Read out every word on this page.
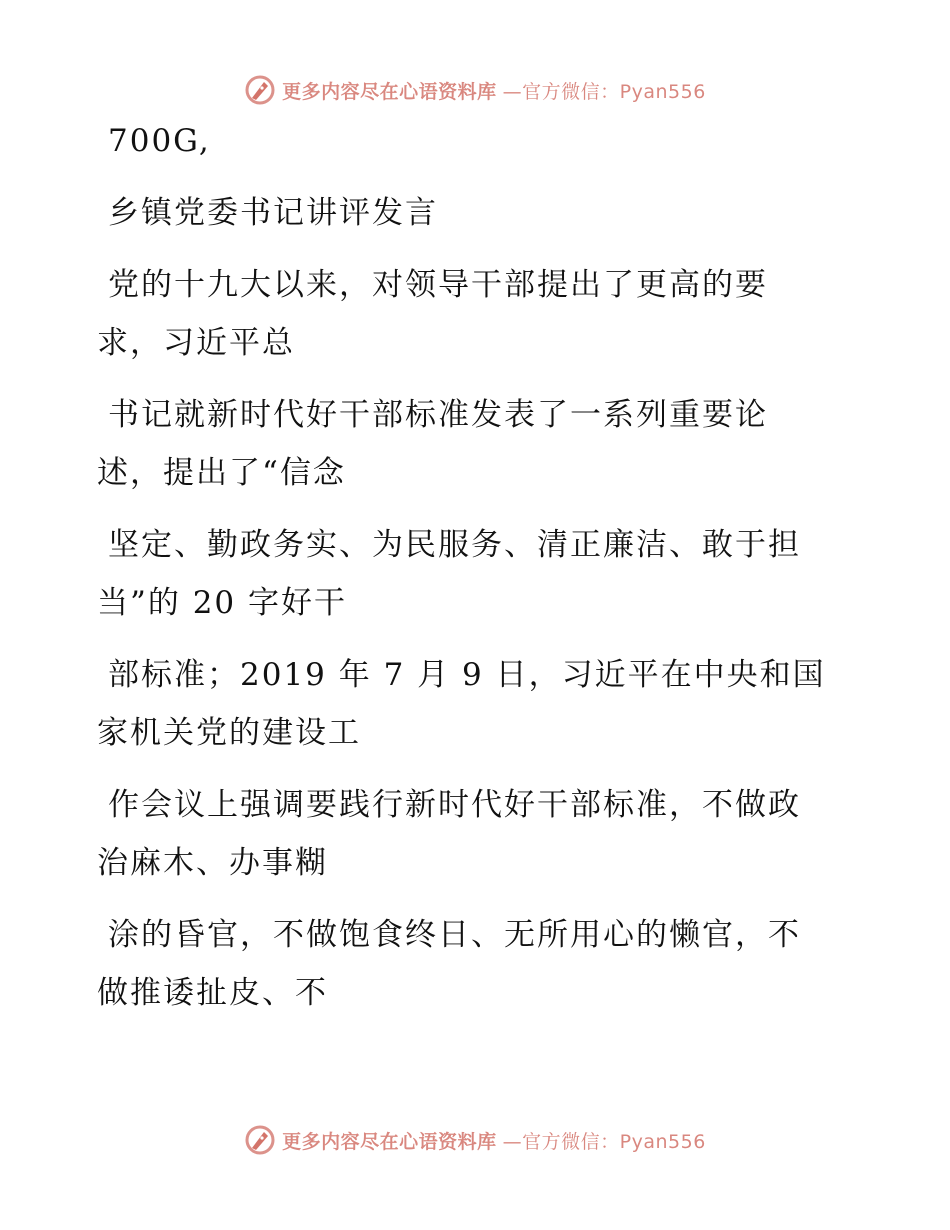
更多内容尽在心语资料库 —官方微信：Pyan556
700G,
乡镇党委书记讲评发言
党的十九大以来，对领导干部提出了更高的要
求，习近平总
书记就新时代好干部标准发表了一系列重要论
述，提出了“信念
坚定、勤政务实、为民服务、清正廉洁、敢于担
当”的 20 字好干
部标准；2019 年 7 月 9 日，习近平在中央和国
家机关党的建设工
作会议上强调要践行新时代好干部标准，不做政
治麻木、办事糊
涂的昏官，不做饱食终日、无所用心的懒官，不
做推诿扯皮、不
更多内容尽在心语资料库 —官方微信：Pyan556
